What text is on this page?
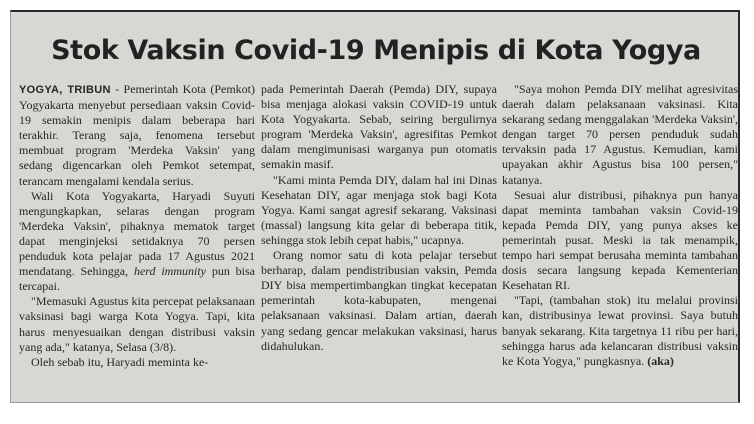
Stok Vaksin Covid-19 Menipis di Kota Yogya

YOGYA, TRIBUN - Pemerintah Kota (Pemkot) Yogyakarta menyebut persediaan vaksin Covid-19 semakin menipis dalam beberapa hari terakhir. Terang saja, fenomena tersebut membuat program 'Merdeka Vaksin' yang sedang digencarkan oleh Pemkot setempat, terancam mengalami kendala serius.

Wali Kota Yogyakarta, Haryadi Suyuti mengungkapkan, selaras dengan program 'Merdeka Vaksin', pihaknya mematok target dapat menginjeksi setidaknya 70 persen penduduk kota pelajar pada 17 Agustus 2021 mendatang. Sehingga, herd immunity pun bisa tercapai.

"Memasuki Agustus kita percepat pelaksanaan vaksinasi bagi warga Kota Yogya. Tapi, kita harus menyesuaikan dengan distribusi vaksin yang ada," katanya, Selasa (3/8).

Oleh sebab itu, Haryadi meminta ke-

pada Pemerintah Daerah (Pemda) DIY, supaya bisa menjaga alokasi vaksin COVID-19 untuk Kota Yogyakarta. Sebab, seiring bergulirnya program 'Merdeka Vaksin', agresifitas Pemkot dalam mengimunisasi warganya pun otomatis semakin masif.

"Kami minta Pemda DIY, dalam hal ini Dinas Kesehatan DIY, agar menjaga stok bagi Kota Yogya. Kami sangat agresif sekarang. Vaksinasi (massal) langsung kita gelar di beberapa titik, sehingga stok lebih cepat habis," ucapnya.

Orang nomor satu di kota pelajar tersebut berharap, dalam pendistribusian vaksin, Pemda DIY bisa mempertimbangkan tingkat kecepatan pemerintah kota-kabupaten, mengenai pelaksanaan vaksinasi. Dalam artian, daerah yang sedang gencar melakukan vaksinasi, harus didahulukan.

"Saya mohon Pemda DIY melihat agresivitas daerah dalam pelaksanaan vaksinasi. Kita sekarang sedang menggalakan 'Merdeka Vaksin', dengan target 70 persen penduduk sudah tervaksin pada 17 Agustus. Kemudian, kami upayakan akhir Agustus bisa 100 persen," katanya.

Sesuai alur distribusi, pihaknya pun hanya dapat meminta tambahan vaksin Covid-19 kepada Pemda DIY, yang punya akses ke pemerintah pusat. Meski ia tak menampik, tempo hari sempat berusaha meminta tambahan dosis secara langsung kepada Kementerian Kesehatan RI.

"Tapi, (tambahan stok) itu melalui provinsi kan, distribusinya lewat provinsi. Saya butuh banyak sekarang. Kita targetnya 11 ribu per hari, sehingga harus ada kelancaran distribusi vaksin ke Kota Yogya," pungkasnya. (aka)
